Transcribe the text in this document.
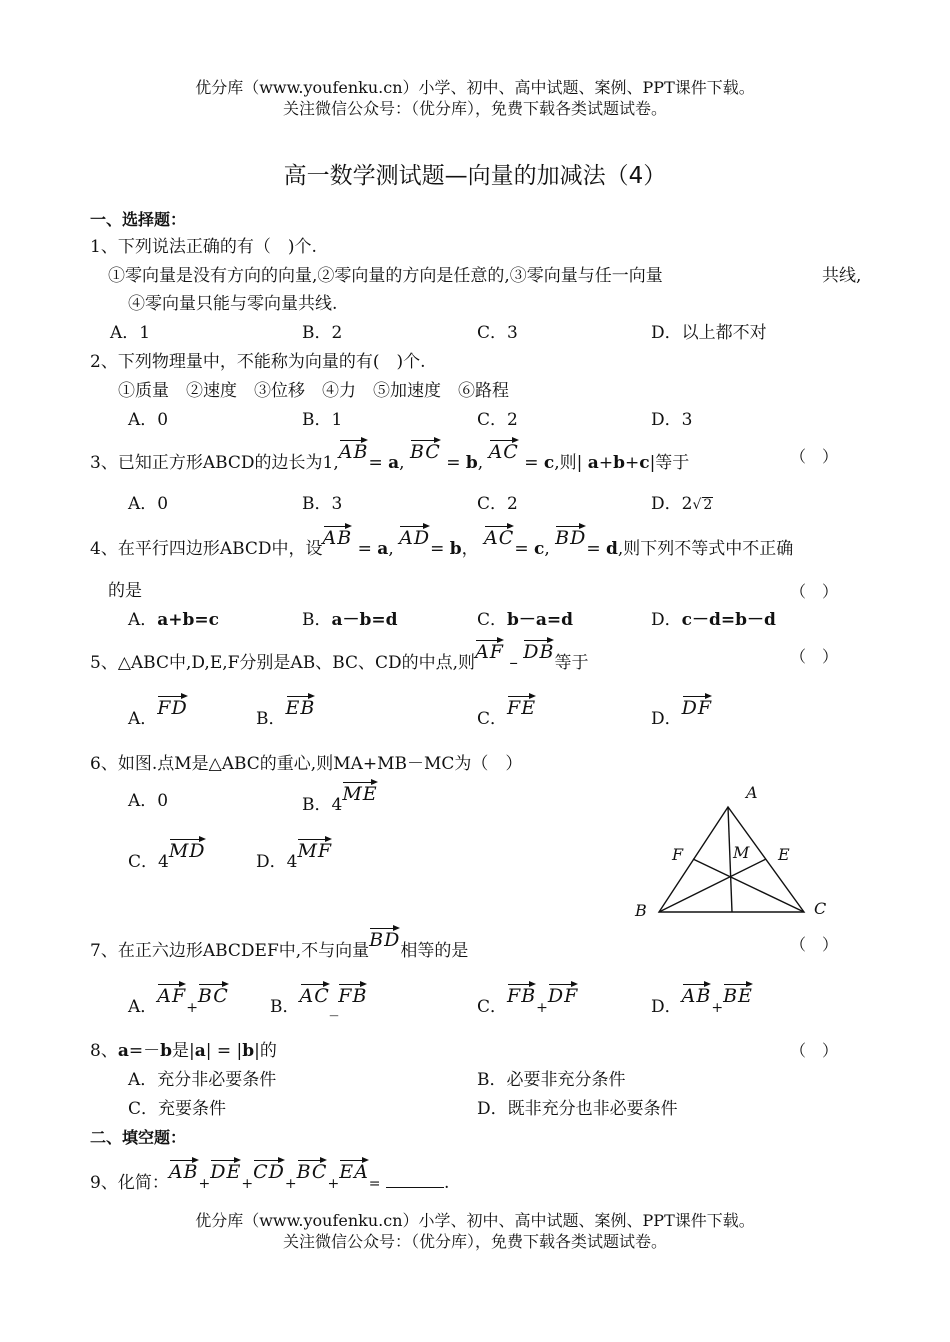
优分库（www.youfenku.cn）小学、初中、高中试题、案例、PPT课件下载。
关注微信公众号：（优分库），免费下载各类试题试卷。
高一数学测试题—向量的加减法（4）
一、选择题：
1、下列说法正确的有（　)个.
①零向量是没有方向的向量,②零向量的方向是任意的,③零向量与任一向量	共线,
④零向量只能与零向量共线.
A．1	B．2	C．3	D．以上都不对
2、下列物理量中，不能称为向量的有(　)个.
①质量　②速度　③位移　④力　⑤加速度　⑥路程
A．0	B．1	C．2	D．3
3、已知正方形ABCD的边长为1,AB= a, BC = b, AC = c,则| a+b+c|等于	（　）
A．0	B．3	C．2	D．2√ 2
4、在平行四边形ABCD中，设AB = a, AD= b， AC= c, BD= d,则下列不等式中不正确
的是	（　）
A．a+b=c	B．a－b=d	C．b－a=d	D．c－d=b－d
5、△ABC中,D,E,F分别是AB、BC、CD的中点,则AF – DB等于	（　）
A．FD	B．EB	C．FE	D．DF
6、如图.点M是△ABC的重心,则MA+MB－MC为（　）
A．0	B．4ME
C．4MD	D．4MF
A
B	C
E
F	M
7、在正六边形ABCDEF中,不与向量BD相等的是	（　）
A．AF+BC B．AC_FB	C．FB+DF	D．AB+BE
8、a=－b是|a| = |b|的	（　）
A．充分非必要条件	B．必要非充分条件
C．充要条件	D．既非充分也非必要条件
二、填空题：
9、化简：AB+DE+CD+BC+EA=	.
优分库（www.youfenku.cn）小学、初中、高中试题、案例、PPT课件下载。
关注微信公众号：（优分库），免费下载各类试题试卷。
